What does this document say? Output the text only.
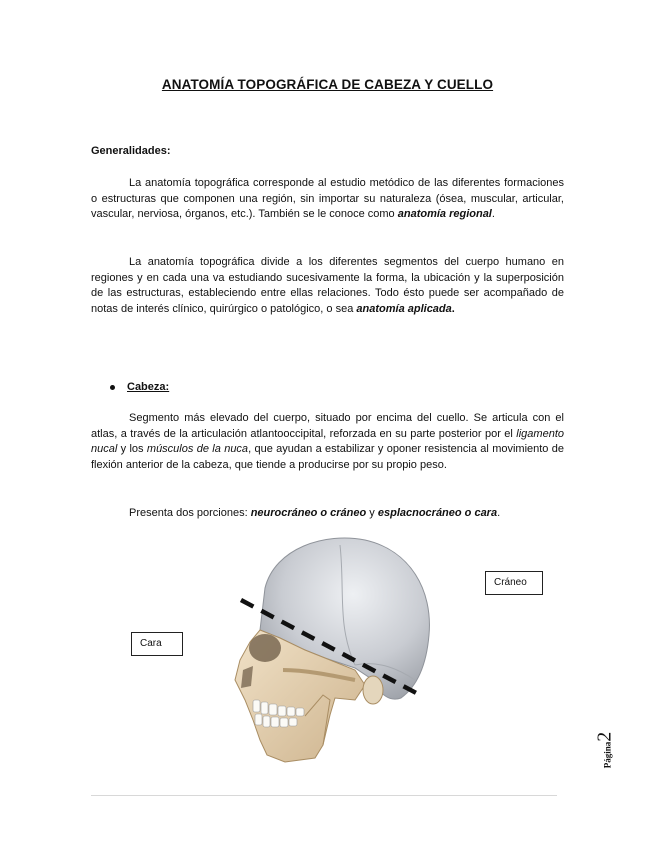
ANATOMÍA TOPOGRÁFICA DE CABEZA Y CUELLO
Generalidades:

La anatomía topográfica corresponde al estudio metódico de las diferentes formaciones o estructuras que componen una región, sin importar su naturaleza (ósea, muscular, articular, vascular, nerviosa, órganos, etc.). También se le conoce como anatomía regional.

La anatomía topográfica divide a los diferentes segmentos del cuerpo humano en regiones y en cada una va estudiando sucesivamente la forma, la ubicación y la superposición de las estructuras, estableciendo entre ellas relaciones. Todo ésto puede ser acompañado de notas de interés clínico, quirúrgico o patológico, o sea anatomía aplicada.

Cabeza:

Segmento más elevado del cuerpo, situado por encima del cuello. Se articula con el atlas, a través de la articulación atlantooccipital, reforzada en su parte posterior por el ligamento nucal y los músculos de la nuca, que ayudan a estabilizar y oponer resistencia al movimiento de flexión anterior de la cabeza, que tiende a producirse por su propio peso.

Presenta dos porciones: neurocráneo o cráneo y esplacnocráneo o cara.

Cráneo
Cara
Página2
